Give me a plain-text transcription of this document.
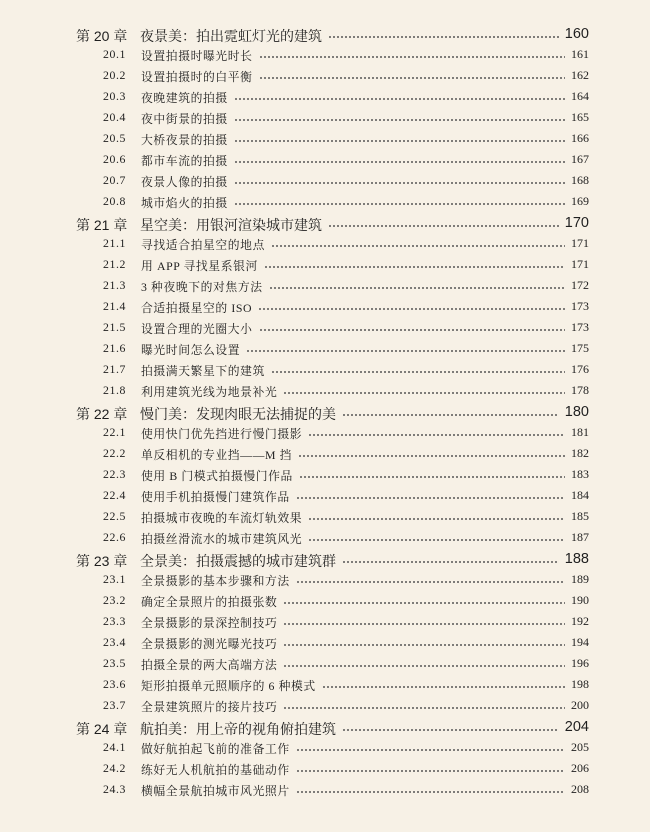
第 20 章 夜景美：拍出霓虹灯光的建筑	160
20.1 设置拍摄时曝光时长	161
20.2 设置拍摄时的白平衡	162
20.3 夜晚建筑的拍摄	164
20.4 夜中街景的拍摄	165
20.5 大桥夜景的拍摄	166
20.6 都市车流的拍摄	167
20.7 夜景人像的拍摄	168
20.8 城市焰火的拍摄	169
第 21 章 星空美：用银河渲染城市建筑	170
21.1 寻找适合拍星空的地点	171
21.2 用 APP 寻找星系银河	171
21.3 3 种夜晚下的对焦方法	172
21.4 合适拍摄星空的 ISO	173
21.5 设置合理的光圈大小	173
21.6 曝光时间怎么设置	175
21.7 拍摄满天繁星下的建筑	176
21.8 利用建筑光线为地景补光	178
第 22 章 慢门美：发现肉眼无法捕捉的美	180
22.1 使用快门优先挡进行慢门摄影	181
22.2 单反相机的专业挡——M 挡	182
22.3 使用 B 门模式拍摄慢门作品	183
22.4 使用手机拍摄慢门建筑作品	184
22.5 拍摄城市夜晚的车流灯轨效果	185
22.6 拍摄丝滑流水的城市建筑风光	187
第 23 章 全景美：拍摄震撼的城市建筑群	188
23.1 全景摄影的基本步骤和方法	189
23.2 确定全景照片的拍摄张数	190
23.3 全景摄影的景深控制技巧	192
23.4 全景摄影的测光曝光技巧	194
23.5 拍摄全景的两大高端方法	196
23.6 矩形拍摄单元照顺序的 6 种模式	198
23.7 全景建筑照片的接片技巧	200
第 24 章 航拍美：用上帝的视角俯拍建筑	204
24.1 做好航拍起飞前的准备工作	205
24.2 练好无人机航拍的基础动作	206
24.3 横幅全景航拍城市风光照片	208
